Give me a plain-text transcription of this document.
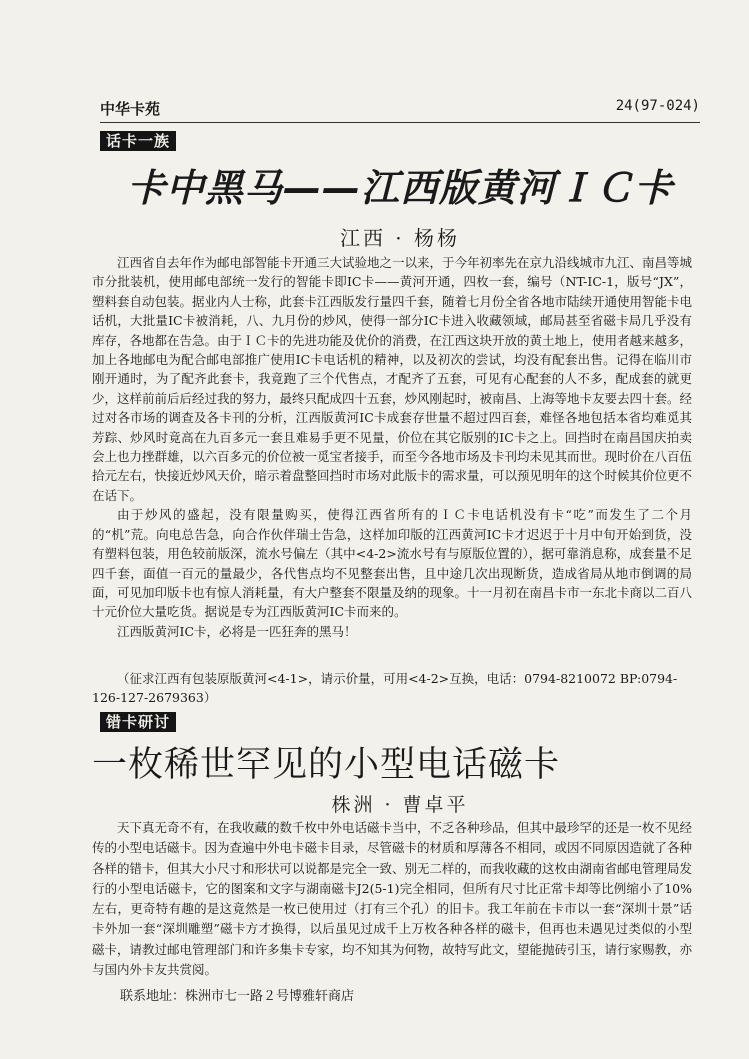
中华卡苑	24(97-024)
话卡一族
卡中黑马——江西版黄河ＩＣ卡
江西 · 杨杨

江西省自去年作为邮电部智能卡开通三大试验地之一以来，于今年初率先在京九沿线城市九江、南昌等城市分批装机，使用邮电部统一发行的智能卡即IC卡——黄河开通，四枚一套，编号（NT-IC-1，版号“JX”，塑料套自动包装。据业内人士称，此套卡江西版发行量四千套，随着七月份全省各地市陆续开通使用智能卡电话机，大批量IC卡被消耗，八、九月份的炒风，使得一部分IC卡进入收藏领域，邮局甚至省磁卡局几乎没有库存，各地都在告急。由于ＩＣ卡的先进功能及优价的消费，在江西这块开放的黄土地上，使用者越来越多，加上各地邮电为配合邮电部推广使用IC卡电话机的精神，以及初次的尝试，均没有配套出售。记得在临川市刚开通时，为了配齐此套卡，我竟跑了三个代售点，才配齐了五套，可见有心配套的人不多，配成套的就更少，这样前前后后经过我的努力，最终只配成四十五套，炒风刚起时，被南昌、上海等地卡友要去四十套。经过对各市场的调查及各卡刊的分析，江西版黄河IC卡成套存世量不超过四百套，难怪各地包括本省均难觅其芳踪、炒风时竟高在九百多元一套且难易手更不见量，价位在其它版别的IC卡之上。回挡时在南昌国庆拍卖会上也力挫群雄，以六百多元的价位被一觅宝者接手，而至今各地市场及卡刊均未见其而世。现时价在八百伍拾元左右，快接近炒风天价，暗示着盘整回挡时市场对此版卡的需求量，可以预见明年的这个时候其价位更不在话下。

由于炒风的盛起，没有限量购买，使得江西省所有的ＩＣ卡电话机没有卡“吃”而发生了二个月的“机”荒。向电总告急，向合作伙伴瑞士告急，这样加印版的江西黄河IC卡才迟迟于十月中旬开始到货，没有塑料包装，用色较前版深，流水号偏左（其中<4-2>流水号有与原版位置的），据可靠消息称，成套量不足四千套，面值一百元的量最少，各代售点均不见整套出售，且中途几次出现断货，造成省局从地市倒调的局面，可见加印版卡也有惊人消耗量，有大户整套不限量及纳的现象。十一月初在南昌卡市一东北卡商以二百八十元价位大量吃货。据说是专为江西版黄河IC卡而来的。

江西版黄河IC卡，必将是一匹狂奔的黑马！

（征求江西有包装原版黄河<4-1>，请示价量，可用<4-2>互换，电话：0794-8210072 BP:0794-126-127-2679363）
错卡研讨
一枚稀世罕见的小型电话磁卡
株洲 · 曹卓平

天下真无奇不有，在我收藏的数千枚中外电话磁卡当中，不乏各种珍品，但其中最珍罕的还是一枚不见经传的小型电话磁卡。因为查遍中外电卡磁卡目录，尽管磁卡的材质和厚薄各不相同，或因不同原因造就了各种各样的错卡，但其大小尺寸和形状可以说都是完全一致、别无二样的，而我收藏的这枚由湖南省邮电管理局发行的小型电话磁卡，它的图案和文字与湖南磁卡J2(5-1)完全相同，但所有尺寸比正常卡却等比例缩小了10%左右，更奇特有趣的是这竟然是一枚已使用过（打有三个孔）的旧卡。我工年前在卡市以一套“深圳十景”话卡外加一套“深圳雕塑”磁卡方才换得，以后虽见过成千上万枚各种各样的磁卡，但再也未遇见过类似的小型磁卡，请教过邮电管理部门和许多集卡专家，均不知其为何物，故特写此文，望能抛砖引玉，请行家赐教，亦与国内外卡友共赏阅。

联系地址：株洲市七一路２号博雅轩商店
